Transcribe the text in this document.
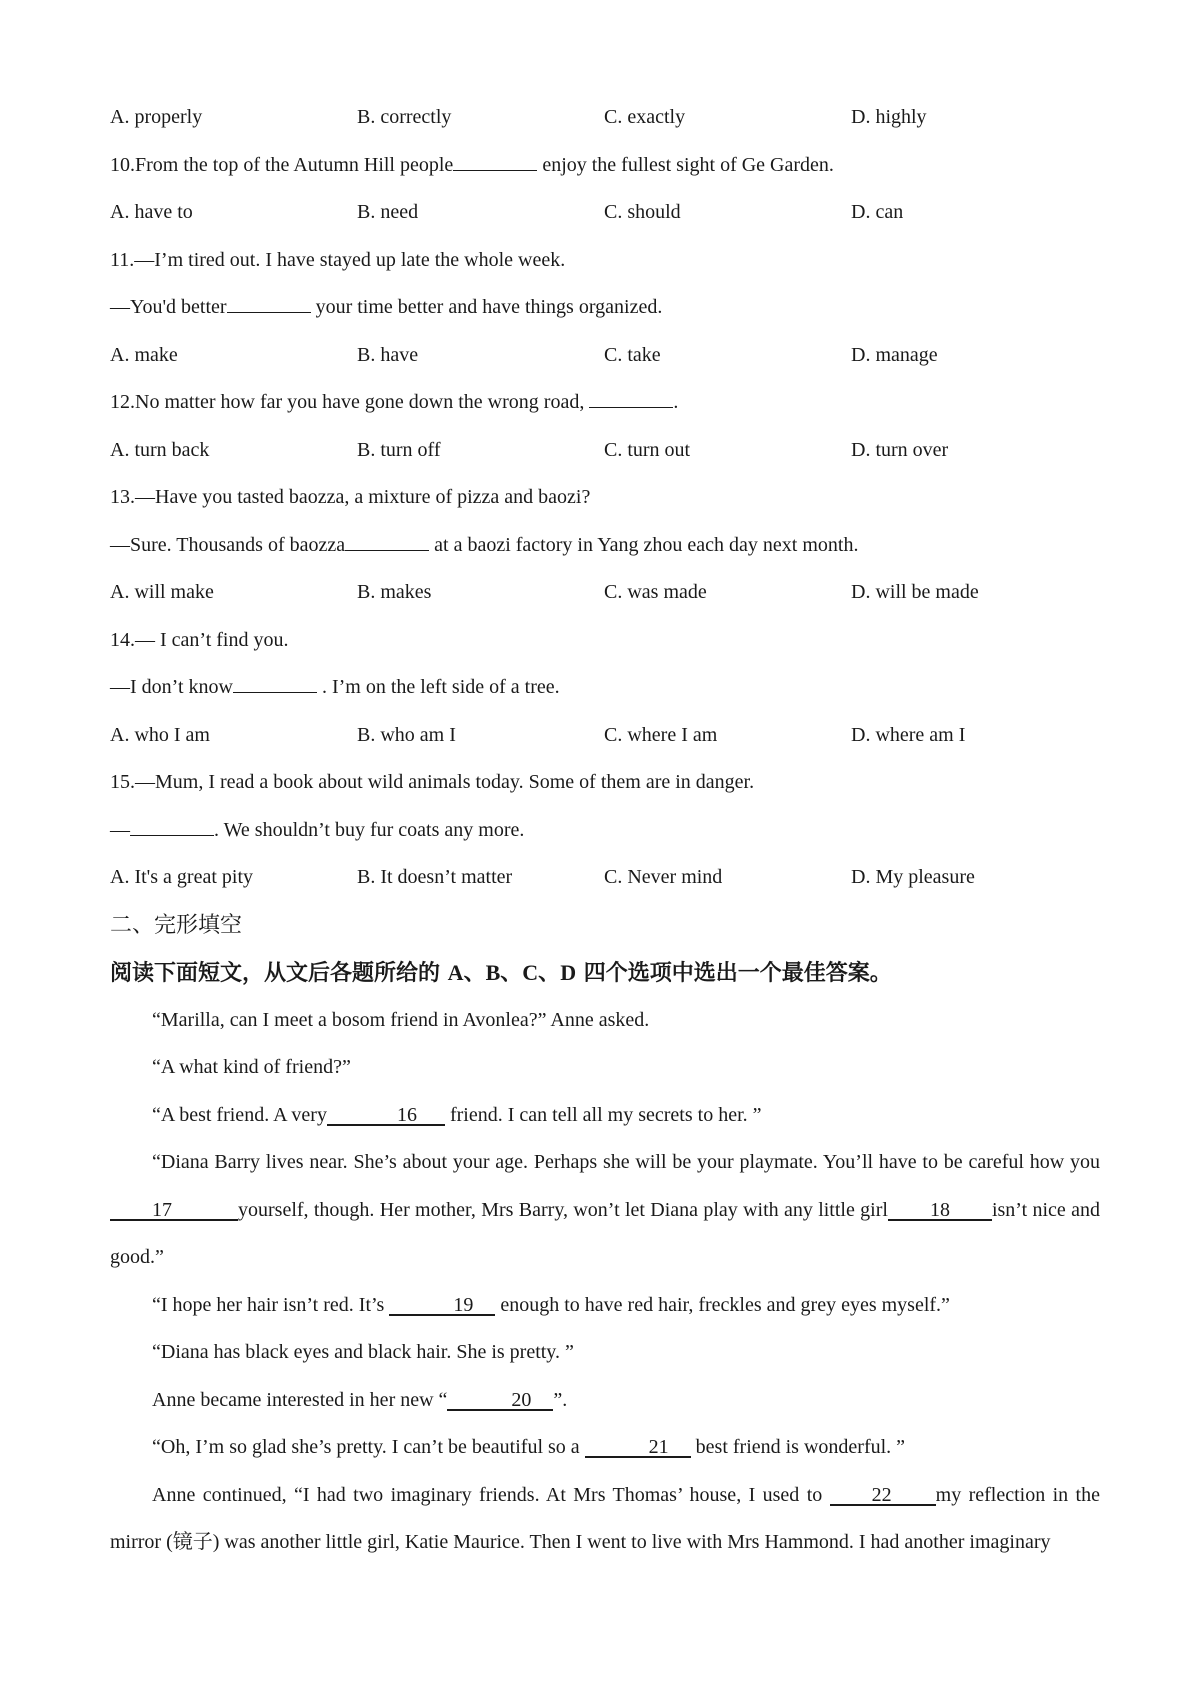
A. properly	B. correctly	C. exactly	D. highly
10.From the top of the Autumn Hill people	enjoy the fullest sight of Ge Garden.
A. have to	B. need	C. should	D. can
11.—I’m tired out. I have stayed up late the whole week.
—You'd better	your time better and have things organized.
A. make	B. have	C. take	D. manage
12.No matter how far you have gone down the wrong road,	.
A. turn back	B. turn off	C. turn out	D. turn over
13.—Have you tasted baozza, a mixture of pizza and baozi?
—Sure. Thousands of baozza	at a baozi factory in Yang zhou each day next month.
A. will make	B. makes	C. was made	D. will be made
14.— I can’t find you.
—I don’t know	. I’m on the left side of a tree.
A. who I am	B. who am I	C. where I am	D. where am I
15.—Mum, I read a book about wild animals today. Some of them are in danger.
—	. We shouldn’t buy fur coats any more.
A. It's a great pity	B. It doesn’t matter	C. Never mind	D. My pleasure
二、完形填空
阅读下面短文，从文后各题所给的 A、B、C、D 四个选项中选出一个最佳答案。
“Marilla, can I meet a bosom friend in Avonlea?” Anne asked.
“A what kind of friend?”
“A best friend. A very	16 friend. I can tell all my secrets to her. ”
“Diana Barry lives near. She’s about your age. Perhaps she will be your playmate. You’ll have to be careful how you17	yourself, though. Her mother, Mrs Barry, won’t let Diana play with any little girl 18 isn’t nice and good.”
“I hope her hair isn’t red. It’s	19 enough to have red hair, freckles and grey eyes myself.”
“Diana has black eyes and black hair. She is pretty. ”
Anne became interested in her new “	20 ”.
“Oh, I’m so glad she’s pretty. I can’t be beautiful so a	21 best friend is wonderful. ”
Anne continued, “I had two imaginary friends. At Mrs Thomas’ house, I used to 22 my reflection in the mirror (镜子) was another little girl, Katie Maurice. Then I went to live with Mrs Hammond. I had another imaginary
